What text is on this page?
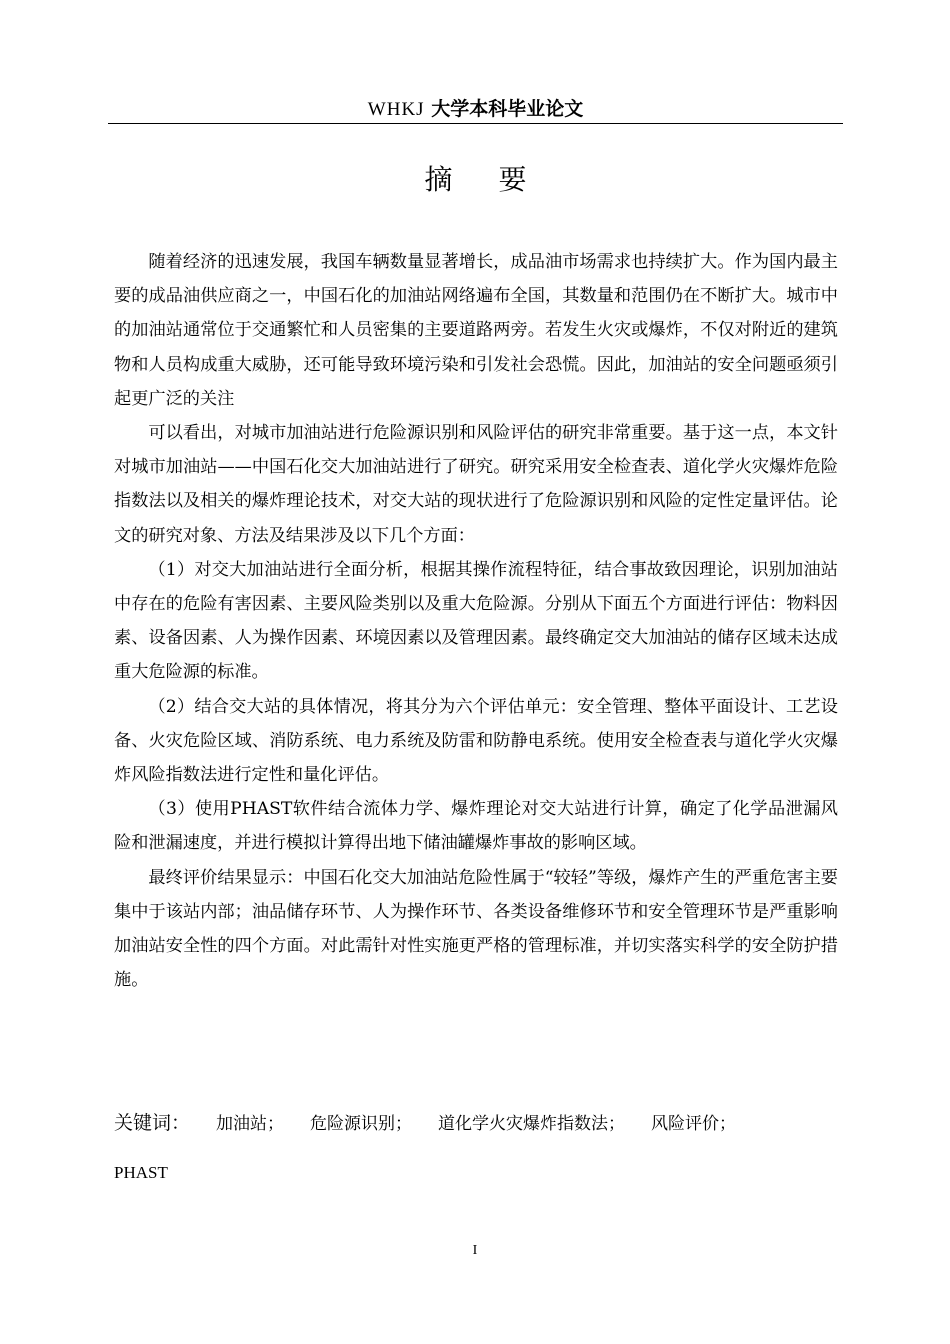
WHKJ 大学本科毕业论文
摘要

随着经济的迅速发展，我国车辆数量显著增长，成品油市场需求也持续扩大。作为国内最主要的成品油供应商之一，中国石化的加油站网络遍布全国，其数量和范围仍在不断扩大。城市中的加油站通常位于交通繁忙和人员密集的主要道路两旁。若发生火灾或爆炸，不仅对附近的建筑物和人员构成重大威胁，还可能导致环境污染和引发社会恐慌。因此，加油站的安全问题亟须引起更广泛的关注

可以看出，对城市加油站进行危险源识别和风险评估的研究非常重要。基于这一点，本文针对城市加油站——中国石化交大加油站进行了研究。研究采用安全检查表、道化学火灾爆炸危险指数法以及相关的爆炸理论技术，对交大站的现状进行了危险源识别和风险的定性定量评估。论文的研究对象、方法及结果涉及以下几个方面：

（1）对交大加油站进行全面分析，根据其操作流程特征，结合事故致因理论，识别加油站中存在的危险有害因素、主要风险类别以及重大危险源。分别从下面五个方面进行评估：物料因素、设备因素、人为操作因素、环境因素以及管理因素。最终确定交大加油站的储存区域未达成重大危险源的标准。

（2）结合交大站的具体情况，将其分为六个评估单元：安全管理、整体平面设计、工艺设备、火灾危险区域、消防系统、电力系统及防雷和防静电系统。使用安全检查表与道化学火灾爆炸风险指数法进行定性和量化评估。

（3）使用PHAST软件结合流体力学、爆炸理论对交大站进行计算，确定了化学品泄漏风险和泄漏速度，并进行模拟计算得出地下储油罐爆炸事故的影响区域。

最终评价结果显示：中国石化交大加油站危险性属于“较轻”等级，爆炸产生的严重危害主要集中于该站内部；油品储存环节、人为操作环节、各类设备维修环节和安全管理环节是严重影响加油站安全性的四个方面。对此需针对性实施更严格的管理标准，并切实落实科学的安全防护措施。

关键词： 加油站； 危险源识别； 道化学火灾爆炸指数法； 风险评价；
PHAST
I
